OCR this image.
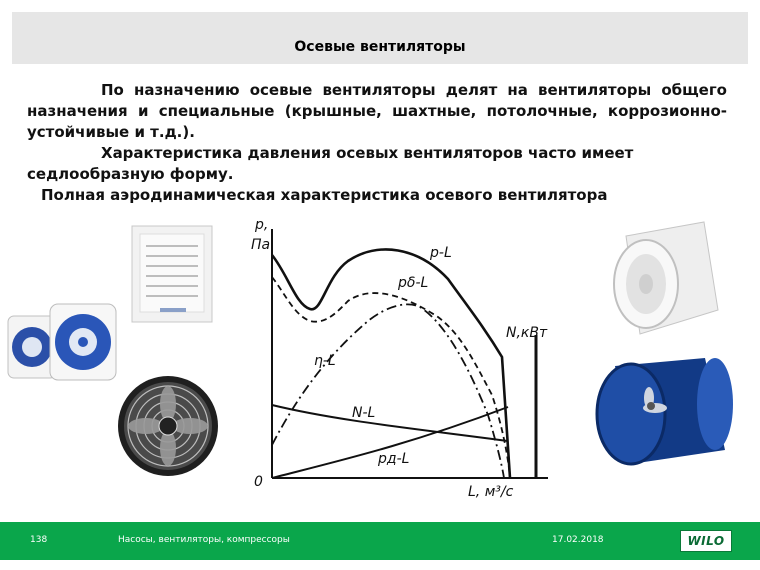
Осевые вентиляторы

По назначению осевые вентиляторы делят на вентиляторы общего назначения и специальные (крышные, шахтные, потолочные, коррозионно-устойчивые и т.д.).

Характеристика давления осевых вентиляторов часто имеет седлообразную форму.

Полная аэродинамическая характеристика осевого вентилятора

p,
Па
0
L, м³/с
N,кВт
p-L
pδ-L
η-L
N-L
pд-L
138	Насосы, вентиляторы, компрессоры	17.02.2018	WILO
